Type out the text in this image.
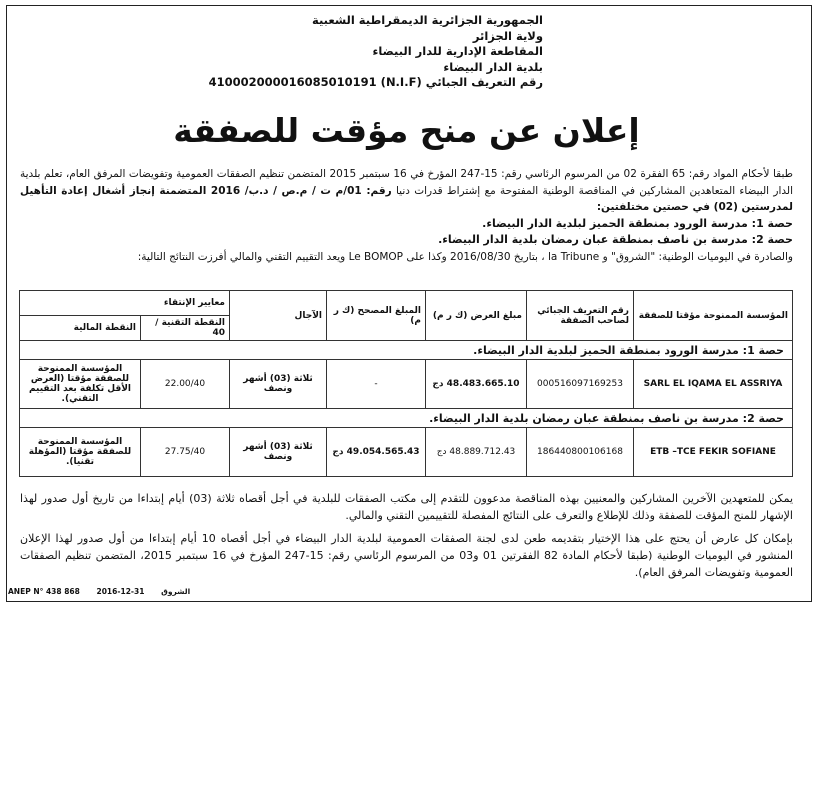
الجمهورية الجزائرية الديمقراطية الشعبية
ولاية الجزائر
المقاطعة الإدارية للدار البيضاء
بلدية الدار البيضاء
رقم التعريف الجبائي (N.I.F) 410002000016085010191
إعلان عن منح مؤقت للصفقة
طبقا لأحكام المواد رقم: 65 الفقرة 02 من المرسوم الرئاسي رقم: 15-247 المؤرخ في 16 سبتمبر 2015 المتضمن تنظيم الصفقات العمومية وتفويضات المرفق العام، تعلم بلدية الدار البيضاء المتعاهدين المشاركين في المناقصة الوطنية المفتوحة مع إشتراط قدرات دنيا رقم: 01/م ت / م.ص / د.ب/ 2016 المتضمنة إنجاز أشغال إعادة التأهيل لمدرستين (02) في حصتين مختلفتين:
حصة 1: مدرسة الورود بمنطقة الحميز لبلدية الدار البيضاء.
حصة 2: مدرسة بن ناصف بمنطقة عبان رمضان بلدية الدار البيضاء.
والصادرة في اليوميات الوطنية: "الشروق" و la Tribune ، بتاريخ 2016/08/30 وكذا على Le BOMOP ويعد التقييم التقني والمالي أفرزت النتائج التالية:
المؤسسة الممنوحة مؤقتا للصفقة	رقم التعريف الجبائي لصاحب الصفقة	مبلغ العرض (ك ر م)	المبلغ المصحح (ك ر م)	الآجال	معايير الإنتقاء	
					النقطة التقنية / 40	النقطة المالية
حصة 1: مدرسة الورود بمنطقة الحميز لبلدية الدار البيضاء.						
SARL EL IQAMA EL ASSRIYA	000516097169253	48.483.665.10 دج	-	ثلاثة (03) أشهر ونصف	22.00/40	المؤسسة الممنوحة للصفقة مؤقتا (العرض الأقل تكلفة بعد التقييم التقني).
حصة 2: مدرسة بن ناصف بمنطقة عبان رمضان بلدية الدار البيضاء.						
ETB –TCE FEKIR SOFIANE	186440800106168	48.889.712.43 دج	49.054.565.43 دج	ثلاثة (03) أشهر ونصف	27.75/40	المؤسسة الممنوحة للصفقة مؤقتا (المؤهلة تقنيا).

يمكن للمتعهدين الآخرين المشاركين والمعنيين بهذه المناقصة مدعوون للتقدم إلى مكتب الصفقات للبلدية في أجل أقصاه ثلاثة (03) أيام إبتداءا من تاريخ أول صدور لهذا الإشهار للمنح المؤقت للصفقة وذلك للإطلاع والتعرف على النتائج المفصلة للتقييمين التقني والمالي.

بإمكان كل عارض أن يحتج على هذا الإختيار بتقديمه طعن لدى لجنة الصفقات العمومية لبلدية الدار البيضاء في أجل أقصاه 10 أيام إبتداءا من أول صدور لهذا الإعلان المنشور في اليوميات الوطنية (طبقا لأحكام المادة 82 الفقرتين 01 و03 من المرسوم الرئاسي رقم: 15-247 المؤرخ في 16 سبتمبر 2015، المتضمن تنظيم الصفقات العمومية وتفويضات المرفق العام).

ANEP N° 438 868 2016-12-31 الشروق
